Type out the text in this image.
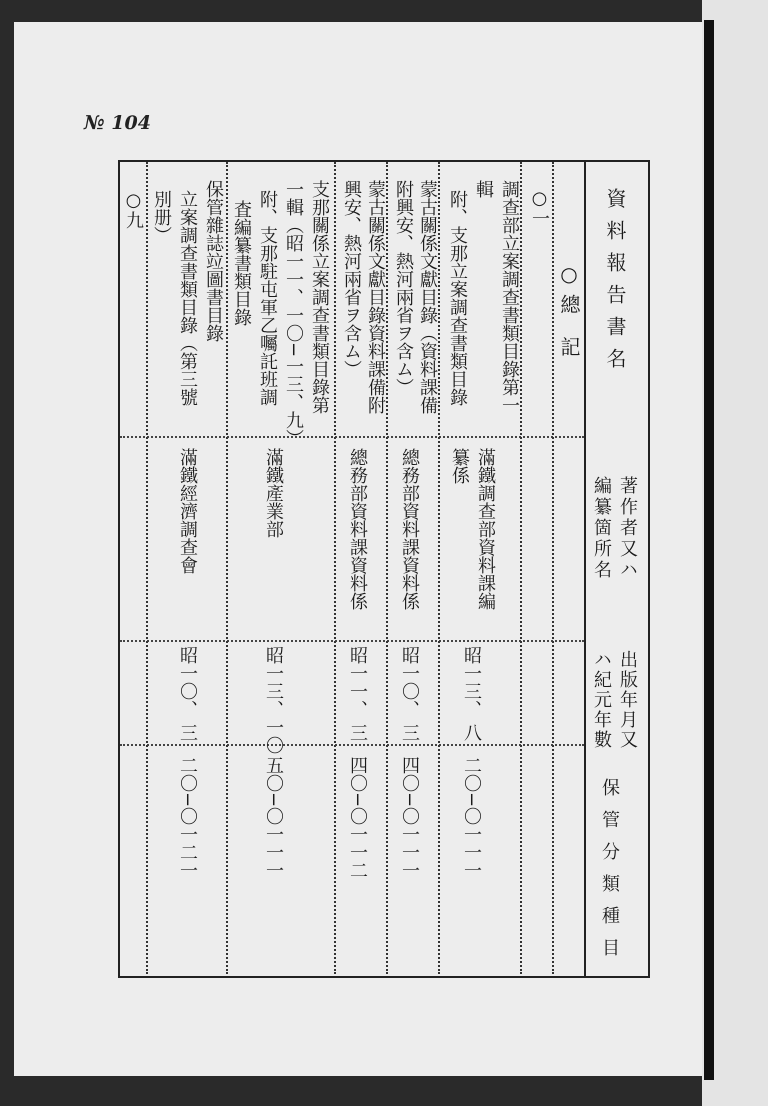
№ 104
資料報告書名
著作者又ハ
編纂箇所名
出版年月又
ハ紀元年數
保管分類種目
○總 記
○一
○九	調查部立案調查書類目錄第一
輯
附、支那立案調查書類目錄
滿鐵調查部資料課編
纂係
昭一三、 八
二〇−〇一一一
蒙古關係文獻目錄（資料課備
附興安、熱河兩省ヲ含ム）
總務部資料課資料係
昭一〇、 三
四〇−〇一一一
蒙古關係文獻目錄資料課備附
興安、熱河兩省ヲ含ム）
總務部資料課資料係
昭一一、 三
四〇−〇一一二
支那關係立案調查書類目錄第
一輯（昭一一、一〇−一三、九）
附、支那駐屯軍乙囑託班調
査編纂書類目錄
滿鐵產業部
昭一三、一〇
五〇−〇一一一
保管雜誌竝圖書目錄
立案調查書類目錄（第三號
別册）
滿鐵經濟調查會
昭一〇、 三
二〇−〇一二一
